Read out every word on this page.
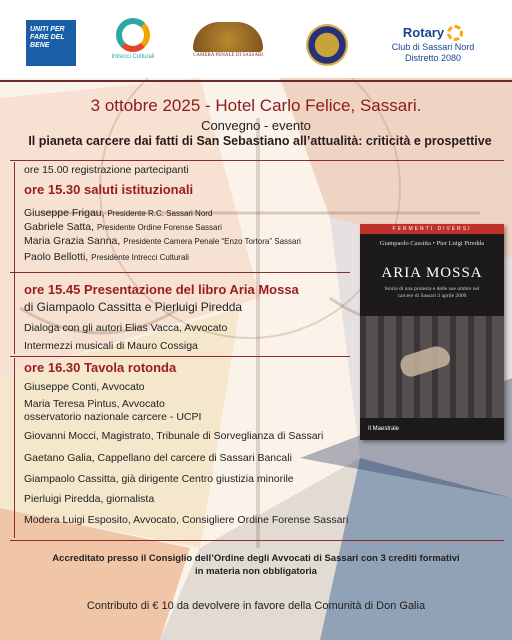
UNITI PER FARE DEL BENE
Intrecci Culturali	CAMERA PENALE DI SASSARI
Rotary
Club di Sassari Nord
Distretto 2080
3 ottobre 2025 - Hotel Carlo Felice, Sassari.
Convegno - evento
Il pianeta carcere dai fatti di San Sebastiano all’attualità: criticità e prospettive
ore 15.00 registrazione partecipanti
ore 15.30 saluti istituzionali
Giuseppe Frigau, Presidente R.C. Sassari Nord
Gabriele Satta, Presidente Ordine Forense Sassari
Maria Grazia Sanna, Presidente Camera Penale “Enzo Tortora” Sassari
Paolo Bellotti, Presidente Intrecci Culturali
ore 15.45 Presentazione del libro Aria Mossa
di Giampaolo Cassitta e Pierluigi Piredda
Dialoga con gli autori Elias Vacca, Avvocato
Intermezzi musicali di Mauro Cossiga
ore 16.30 Tavola rotonda
Giuseppe Conti, Avvocato
Maria Teresa Pintus, Avvocato
osservatorio nazionale carcere - UCPI
Giovanni Mocci, Magistrato, Tribunale di Sorveglianza di Sassari
Gaetano Galia, Cappellano del carcere di Sassari Bancali
Giampaolo Cassitta, già dirigente Centro giustizia minorile
Pierluigi Piredda, giornalista
Modera Luigi Esposito, Avvocato, Consigliere Ordine Forense Sassari
FERMENTI DIVERSI
Giampaolo Cassitta • Pier Luigi Piredda
ARIA MOSSA
Storia di una protesta e delle sue ombre nel carcere di Sassari 3 aprile 2000
Il Maestrale
Accreditato presso il Consiglio dell’Ordine degli Avvocati di Sassari con 3 crediti formativi
in materia non obbligatoria
Contributo di € 10 da devolvere in favore della Comunità di Don Galia
